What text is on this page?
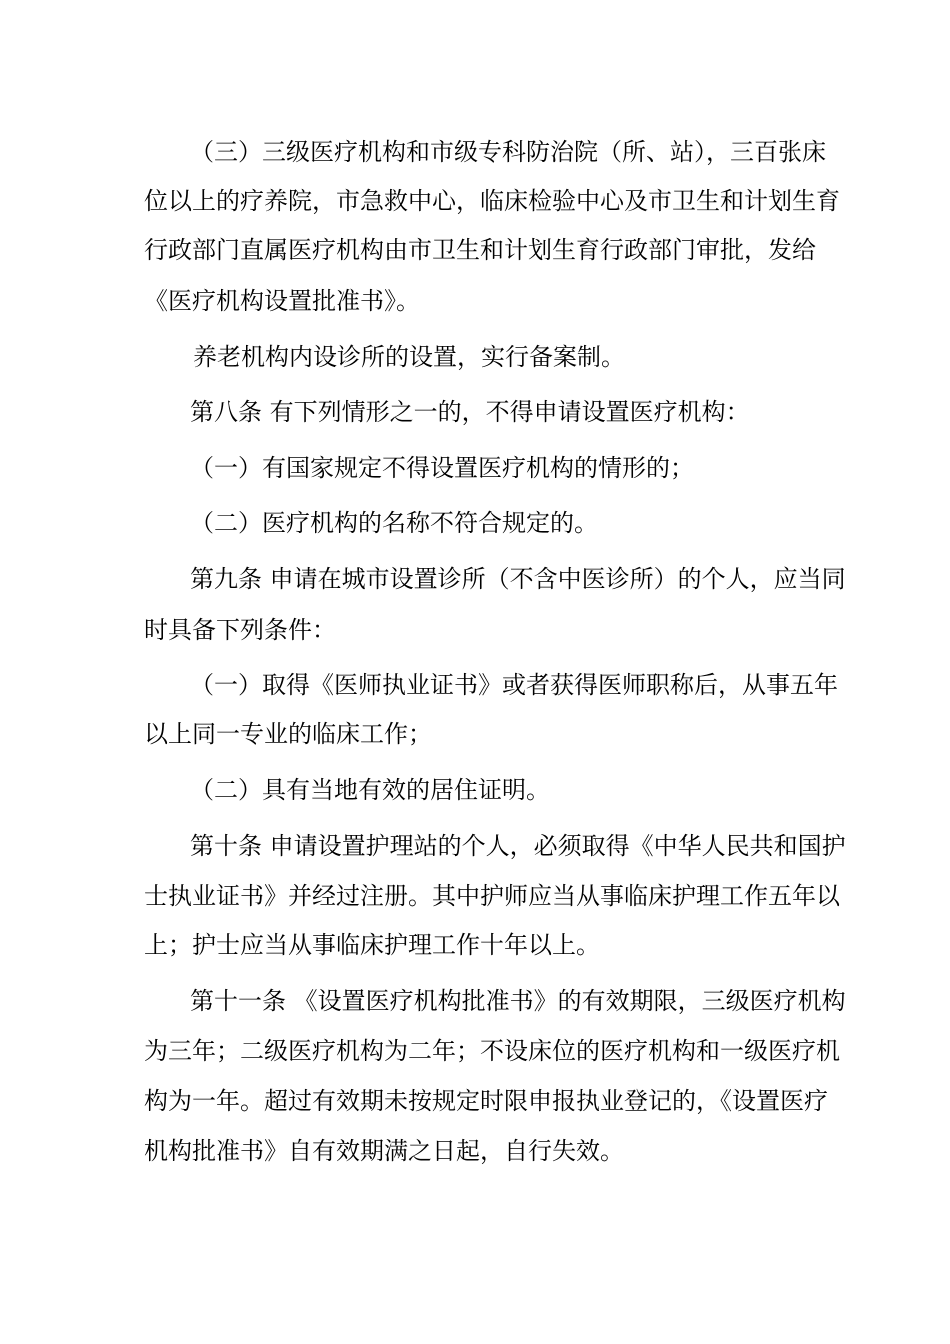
（三）三级医疗机构和市级专科防治院（所、站），三百张床
位以上的疗养院，市急救中心，临床检验中心及市卫生和计划生育
行政部门直属医疗机构由市卫生和计划生育行政部门审批，发给
《医疗机构设置批准书》。
养老机构内设诊所的设置，实行备案制。
第八条 有下列情形之一的，不得申请设置医疗机构：
（一）有国家规定不得设置医疗机构的情形的；
（二）医疗机构的名称不符合规定的。
第九条 申请在城市设置诊所（不含中医诊所）的个人，应当同
时具备下列条件：
（一）取得《医师执业证书》或者获得医师职称后，从事五年
以上同一专业的临床工作；
（二）具有当地有效的居住证明。
第十条 申请设置护理站的个人，必须取得《中华人民共和国护
士执业证书》并经过注册。其中护师应当从事临床护理工作五年以
上；护士应当从事临床护理工作十年以上。
第十一条 《设置医疗机构批准书》的有效期限，三级医疗机构
为三年；二级医疗机构为二年；不设床位的医疗机构和一级医疗机
构为一年。超过有效期未按规定时限申报执业登记的，《设置医疗
机构批准书》自有效期满之日起，自行失效。
